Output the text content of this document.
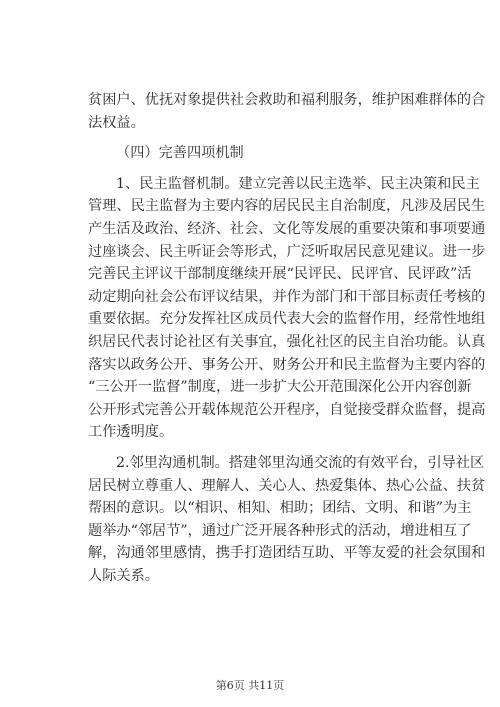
贫困户、优抚对象提供社会救助和福利服务，维护困难群体的合
法权益。
（四）完善四项机制
1、民主监督机制。建立完善以民主选举、民主决策和民主
管理、民主监督为主要内容的居民民主自治制度，凡涉及居民生
产生活及政治、经济、社会、文化等发展的重要决策和事项要通
过座谈会、民主听证会等形式，广泛听取居民意见建议。进一步
完善民主评议干部制度继续开展“民评民、民评官、民评政”活
动定期向社会公布评议结果，并作为部门和干部目标责任考核的
重要依据。充分发挥社区成员代表大会的监督作用，经常性地组
织居民代表讨论社区有关事宜，强化社区的民主自治功能。认真
落实以政务公开、事务公开、财务公开和民主监督为主要内容的
“三公开一监督”制度，进一步扩大公开范围深化公开内容创新
公开形式完善公开载体规范公开程序，自觉接受群众监督，提高
工作透明度。
2.邻里沟通机制。搭建邻里沟通交流的有效平台，引导社区
居民树立尊重人、理解人、关心人、热爱集体、热心公益、扶贫
帮困的意识。以“相识、相知、相助；团结、文明、和谐”为主
题举办“邻居节”，通过广泛开展各种形式的活动，增进相互了
解，沟通邻里感情，携手打造团结互助、平等友爱的社会氛围和
人际关系。
第6页 共11页
